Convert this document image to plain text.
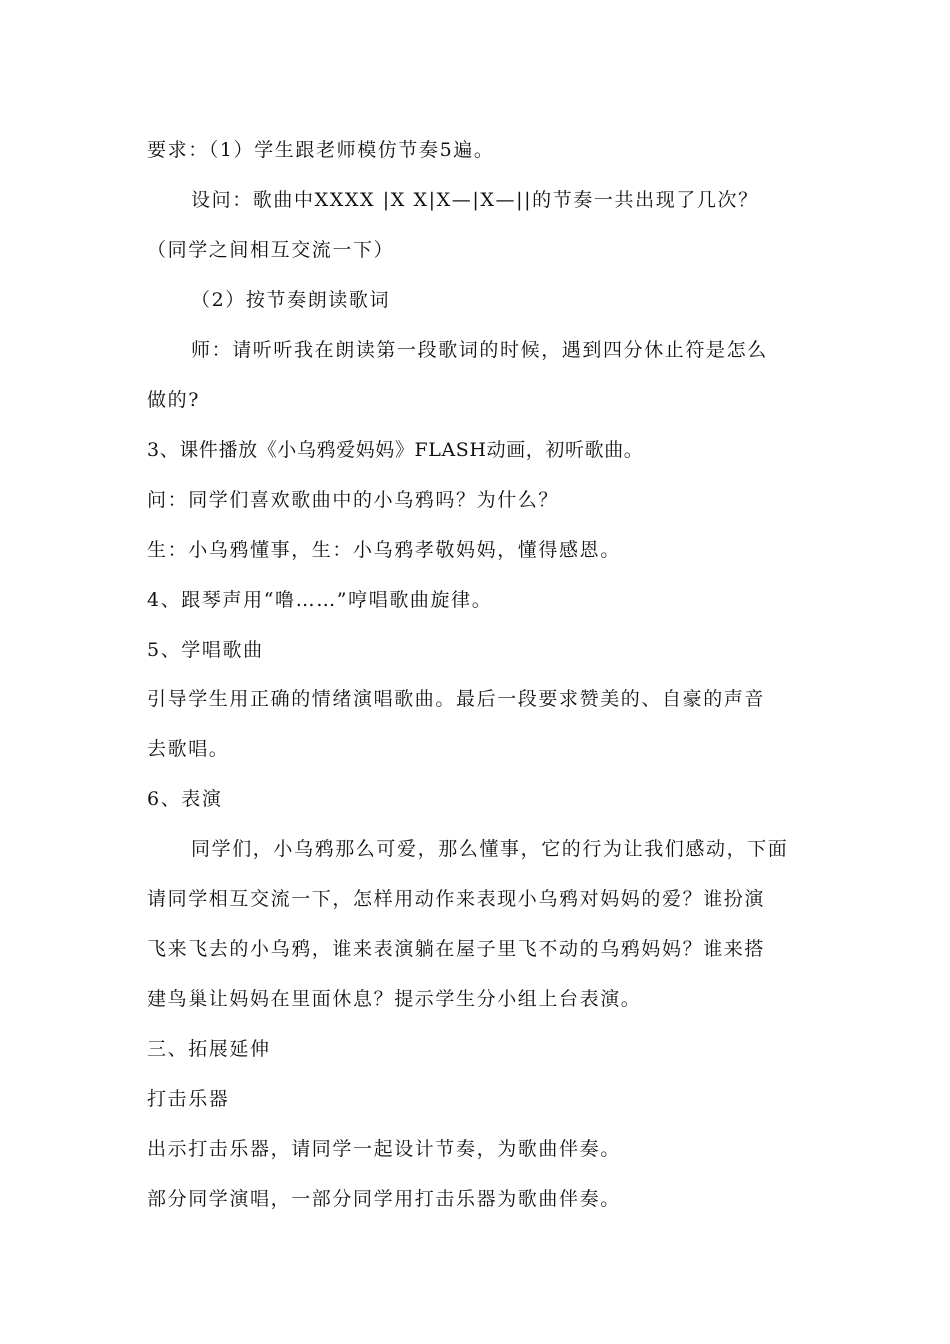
要求：（1）学生跟老师模仿节奏5遍。
设问：歌曲中XXXX |X X|X—|X—||的节奏一共出现了几次？
（同学之间相互交流一下）
（2）按节奏朗读歌词
师：请听听我在朗读第一段歌词的时候，遇到四分休止符是怎么
做的?
3、课件播放《小乌鸦爱妈妈》FLASH动画，初听歌曲。
问：同学们喜欢歌曲中的小乌鸦吗？为什么？
生：小乌鸦懂事，生：小乌鸦孝敬妈妈，懂得感恩。
4、跟琴声用“噜……”哼唱歌曲旋律。
5、学唱歌曲
引导学生用正确的情绪演唱歌曲。最后一段要求赞美的、自豪的声音
去歌唱。
6、表演
同学们，小乌鸦那么可爱，那么懂事，它的行为让我们感动，下面
请同学相互交流一下，怎样用动作来表现小乌鸦对妈妈的爱？谁扮演
飞来飞去的小乌鸦，谁来表演躺在屋子里飞不动的乌鸦妈妈？谁来搭
建鸟巢让妈妈在里面休息？提示学生分小组上台表演。
三、拓展延伸
打击乐器
出示打击乐器，请同学一起设计节奏，为歌曲伴奏。
部分同学演唱，一部分同学用打击乐器为歌曲伴奏。
